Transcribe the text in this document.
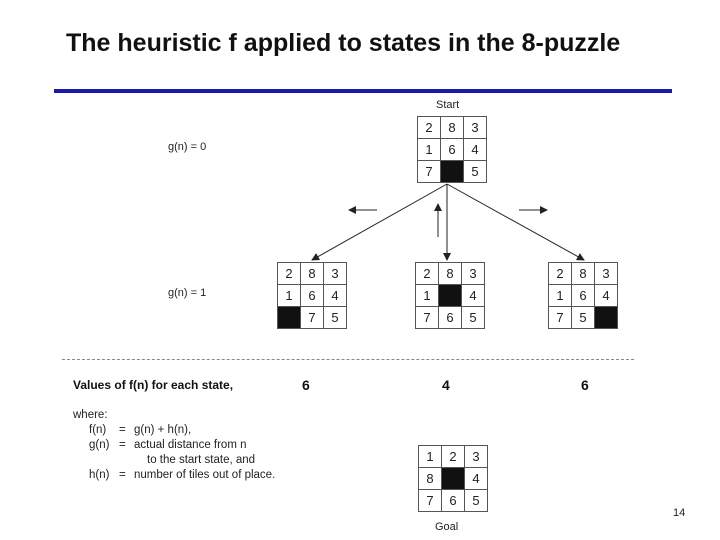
The heuristic f applied to states in the 8-puzzle
Start
2	8	3
1	6	4
7		5
g(n) = 0
g(n) = 1
2	8	3
1	6	4
	7	5
2	8	3
1		4
7	6	5
2	8	3
1	6	4
7	5	
Values of f(n) for each state,	6	4	6
where:
f(n)	= g(n) + h(n),
g(n) = actual distance from n
to the start state, and
h(n) = number of tiles out of place.
1	2	3
8		4
7	6	5
Goal
14
